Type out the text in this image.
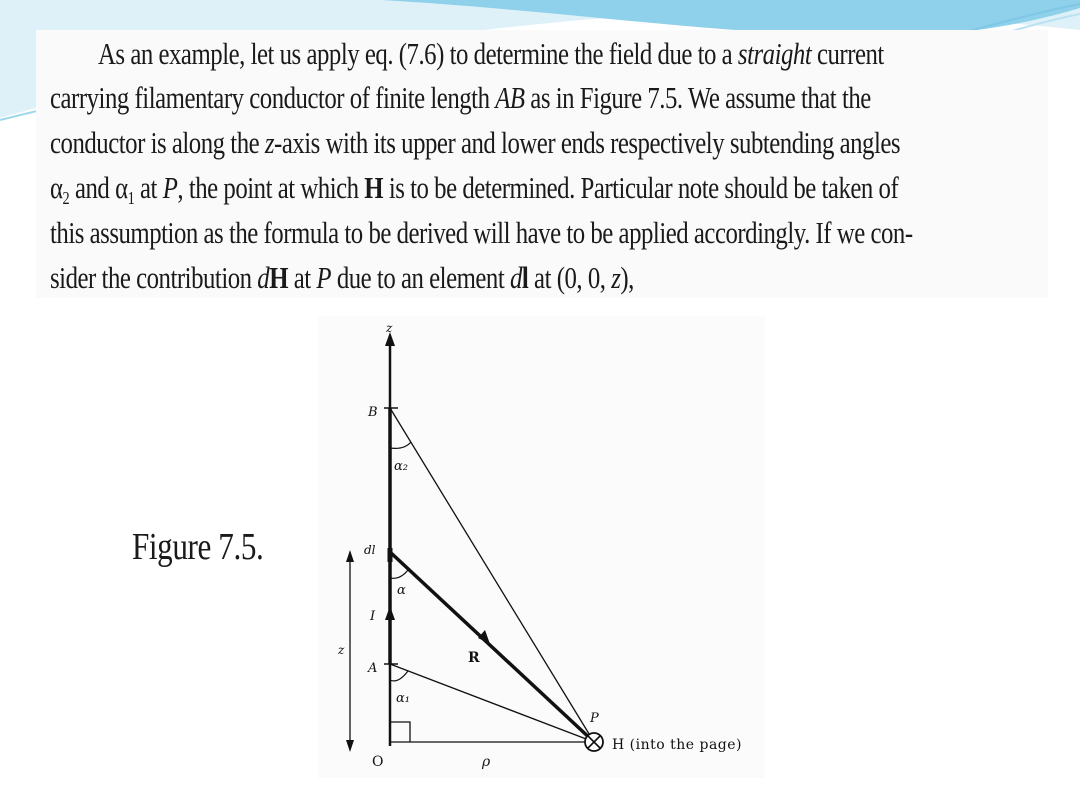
As an example, let us apply eq. (7.6) to determine the field due to a straight current
carrying filamentary conductor of finite length AB as in Figure 7.5. We assume that the
conductor is along the z-axis with its upper and lower ends respectively subtending angles
$\alpha_2$ and $\alpha_1$ at P, the point at which H is to be determined. Particular note should be taken of
this assumption as the formula to be derived will have to be applied accordingly. If we con-
sider the contribution dH at P due to an element dl at (0, 0, z),
Figure 7.5.
z
B
α₂
dl
α
I
z
A
R
α₁
P
H (into the page)
O	ρ
